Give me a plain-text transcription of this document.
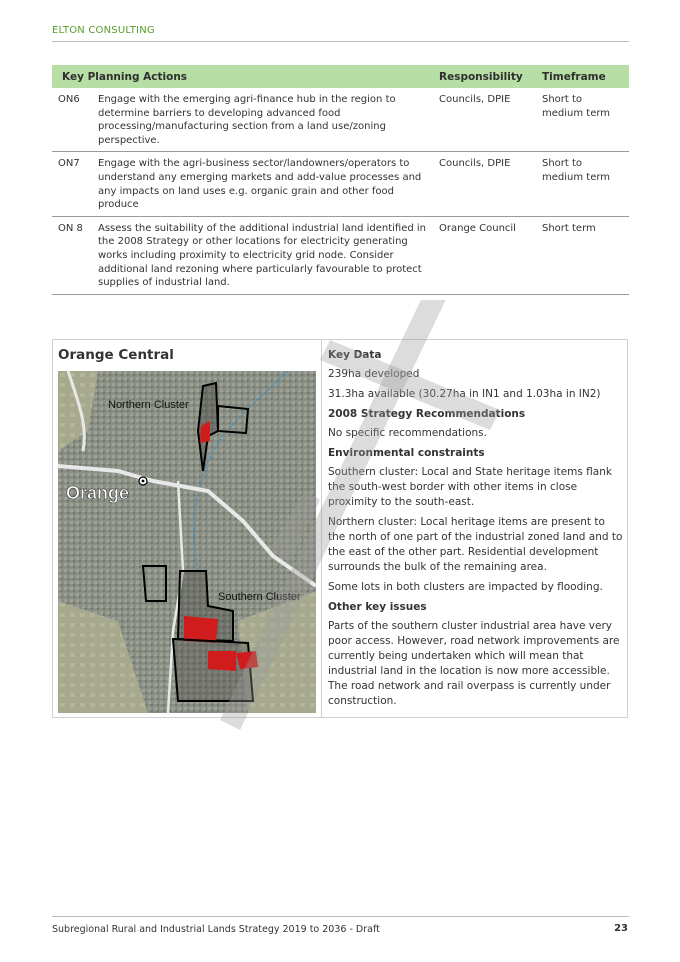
ELTON CONSULTING
Key Planning Actions		Responsibility	Timeframe
ON6	Engage with the emerging agri-finance hub in the region to determine barriers to developing advanced food processing/manufacturing section from a land use/zoning perspective.	Councils, DPIE	Short to medium term
ON7	Engage with the agri-business sector/landowners/operators to understand any emerging markets and add-value processes and any impacts on land uses e.g. organic grain and other food produce	Councils, DPIE	Short to medium term
ON 8	Assess the suitability of the additional industrial land identified in the 2008 Strategy or other locations for electricity generating works including proximity to electricity grid node. Consider additional land rezoning where particularly favourable to protect supplies of industrial land.	Orange Council	Short term
Orange Central
Northern Cluster
Orange
Southern Cluster
Key Data
239ha developed
31.3ha available (30.27ha in IN1 and 1.03ha in IN2)
2008 Strategy Recommendations
No specific recommendations.
Environmental constraints
Southern cluster: Local and State heritage items flank the south-west border with other items in close proximity to the south-east.
Northern cluster: Local heritage items are present to the north of one part of the industrial zoned land and to the east of the other part. Residential development surrounds the bulk of the remaining area.
Some lots in both clusters are impacted by flooding.
Other key issues
Parts of the southern cluster industrial area have very poor access. However, road network improvements are currently being undertaken which will mean that industrial land in the location is now more accessible. The road network and rail overpass is currently under construction.
Subregional Rural and Industrial Lands Strategy 2019 to 2036 - Draft	23
